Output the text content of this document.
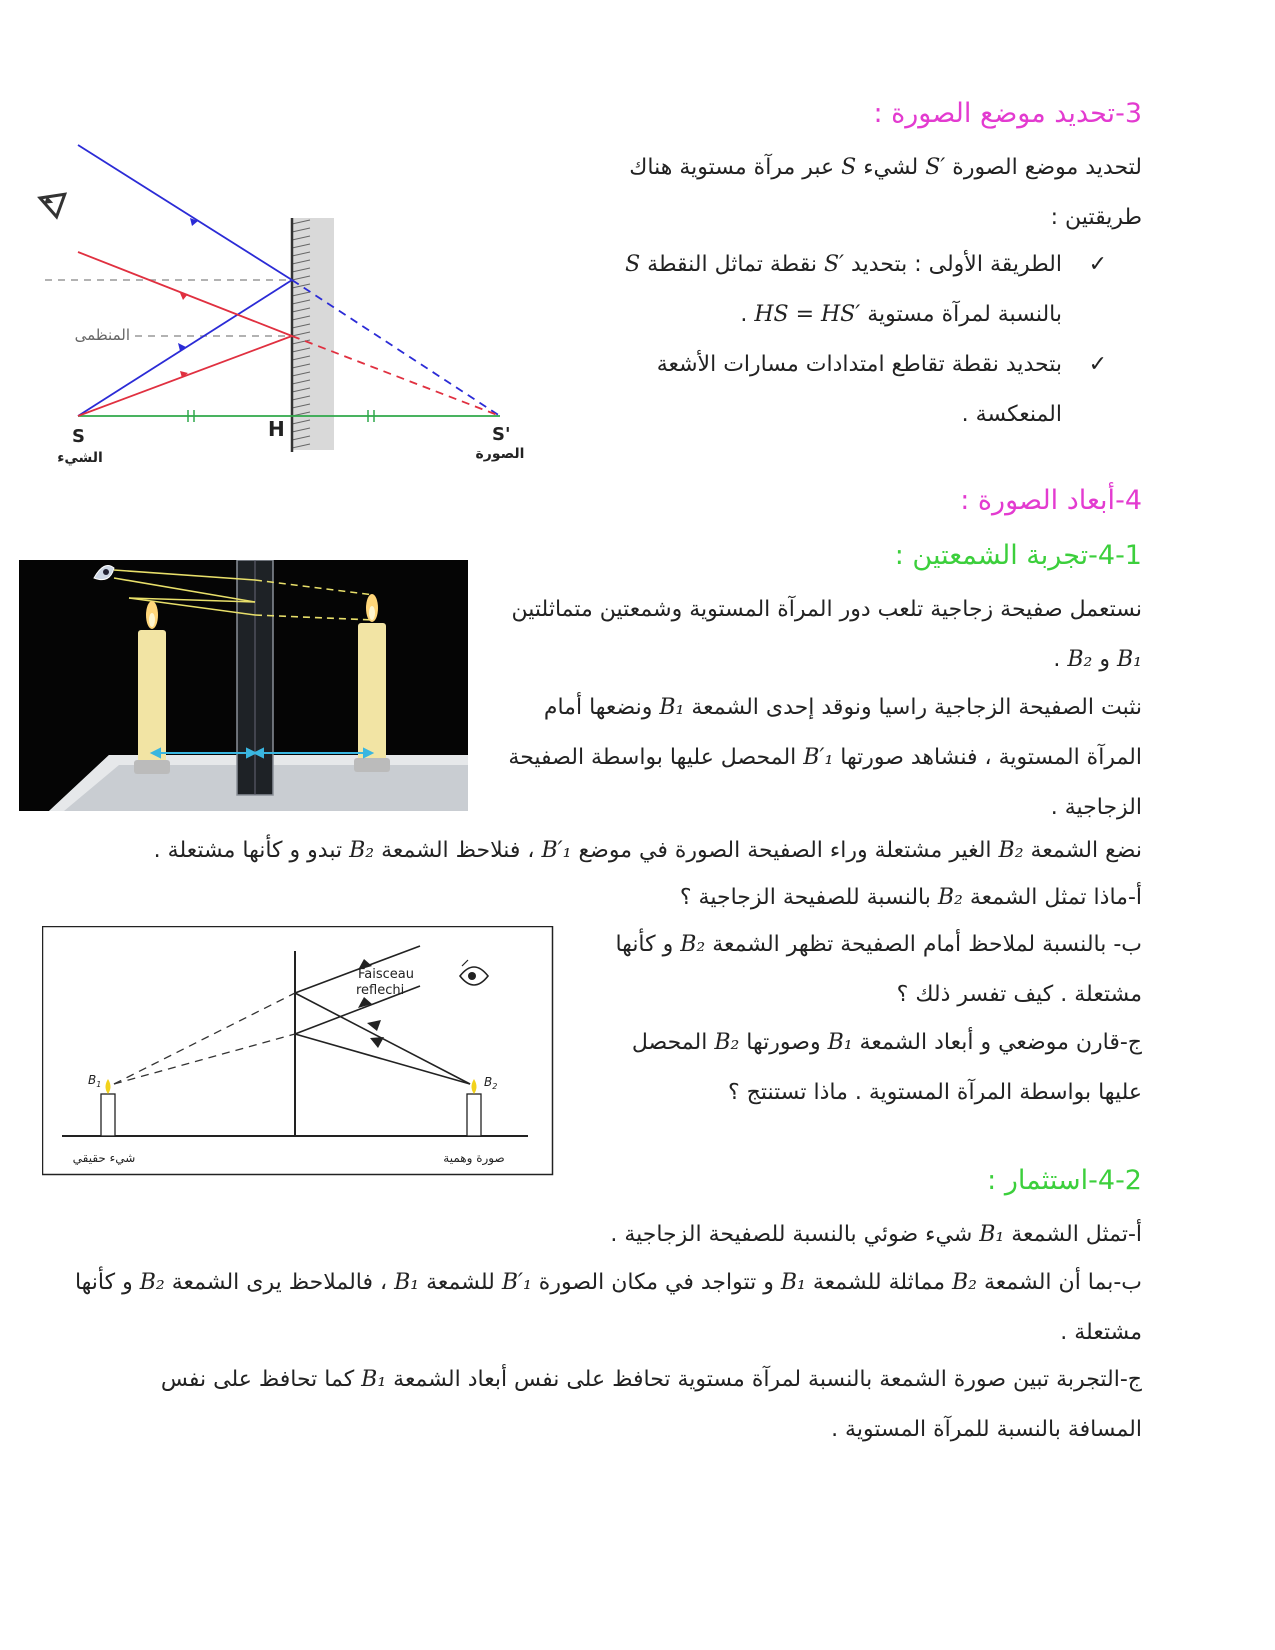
3-تحديد موضع الصورة :
لتحديد موضع الصورة S′ لشيء S عبر مرآة مستوية هناك طريقتين :
✓
الطريقة الأولى : بتحديد S′ نقطة تماثل النقطة S بالنسبة لمرآة مستوية HS = HS′ .
✓
بتحديد نقطة تقاطع امتدادات مسارات الأشعة المنعكسة .
المنظمى
S
الشيء
H	S'
الصورة
4-أبعاد الصورة :
4-1-تجربة الشمعتين :
نستعمل صفيحة زجاجية تلعب دور المرآة المستوية وشمعتين متماثلتين B₁ و B₂ .
نثبت الصفيحة الزجاجية راسيا ونوقد إحدى الشمعة B₁ ونضعها أمام المرآة المستوية ، فنشاهد صورتها B′₁ المحصل عليها بواسطة الصفيحة الزجاجية .
نضع الشمعة B₂ الغير مشتعلة وراء الصفيحة الصورة في موضع B′₁ ، فنلاحظ الشمعة B₂ تبدو و كأنها مشتعلة .
أ-ماذا تمثل الشمعة B₂ بالنسبة للصفيحة الزجاجية ؟
ب- بالنسبة لملاحظ أمام الصفيحة تظهر الشمعة B₂ و كأنها مشتعلة . كيف تفسر ذلك ؟
ج-قارن موضعي و أبعاد الشمعة B₁ وصورتها B₂ المحصل عليها بواسطة المرآة المستوية . ماذا تستنتج ؟
Faisceau
reflechi
$B_1$	$B_2$
شيء حقيقي	صورة وهمية
4-2-استثمار :
أ-تمثل الشمعة B₁ شيء ضوئي بالنسبة للصفيحة الزجاجية .
ب-بما أن الشمعة B₂ مماثلة للشمعة B₁ و تتواجد في مكان الصورة B′₁ للشمعة B₁ ، فالملاحظ يرى الشمعة B₂ و كأنها مشتعلة .
ج-التجربة تبين صورة الشمعة بالنسبة لمرآة مستوية تحافظ على نفس أبعاد الشمعة B₁ كما تحافظ على نفس المسافة بالنسبة للمرآة المستوية .
